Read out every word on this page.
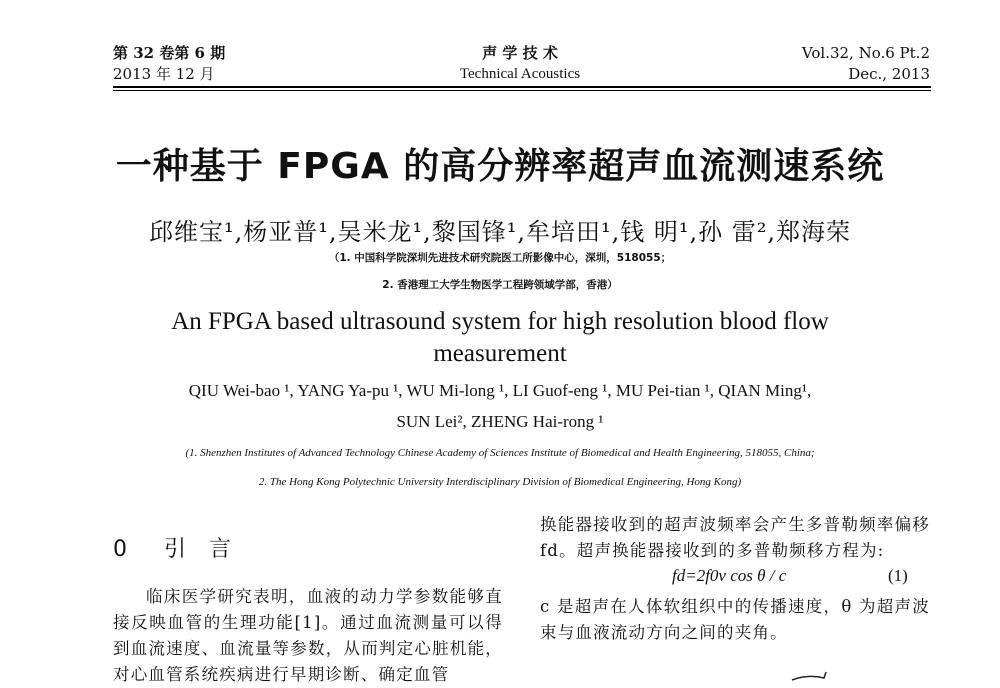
第 32 卷第 6 期
2013 年 12 月
声 学 技 术
Technical Acoustics
Vol.32, No.6 Pt.2
Dec., 2013
一种基于 FPGA 的高分辨率超声血流测速系统
邱维宝¹,杨亚普¹,吴米龙¹,黎国锋¹,牟培田¹,钱 明¹,孙 雷²,郑海荣
（1. 中国科学院深圳先进技术研究院医工所影像中心，深圳，518055；
2. 香港理工大学生物医学工程跨领域学部，香港）
An FPGA based ultrasound system for high resolution blood flow
measurement
QIU Wei-bao ¹, YANG Ya-pu ¹, WU Mi-long ¹, LI Guof-eng ¹, MU Pei-tian ¹, QIAN Ming¹,
SUN Lei², ZHENG Hai-rong ¹
(1. Shenzhen Institutes of Advanced Technology Chinese Academy of Sciences Institute of Biomedical and Health Engineering, 518055, China;
2. The Hong Kong Polytechnic University Interdisciplinary Division of Biomedical Engineering, Hong Kong)
0 引 言
临床医学研究表明，血液的动力学参数能够直接反映血管的生理功能[1]。通过血流测量可以得到血流速度、血流量等参数，从而判定心脏机能，对心血管系统疾病进行早期诊断、确定血管
换能器接收到的超声波频率会产生多普勒频率偏移 fd。超声换能器接收到的多普勒频移方程为:
fd=2f0v cos θ / c	(1)
c 是超声在人体软组织中的传播速度，θ 为超声波束与血液流动方向之间的夹角。
